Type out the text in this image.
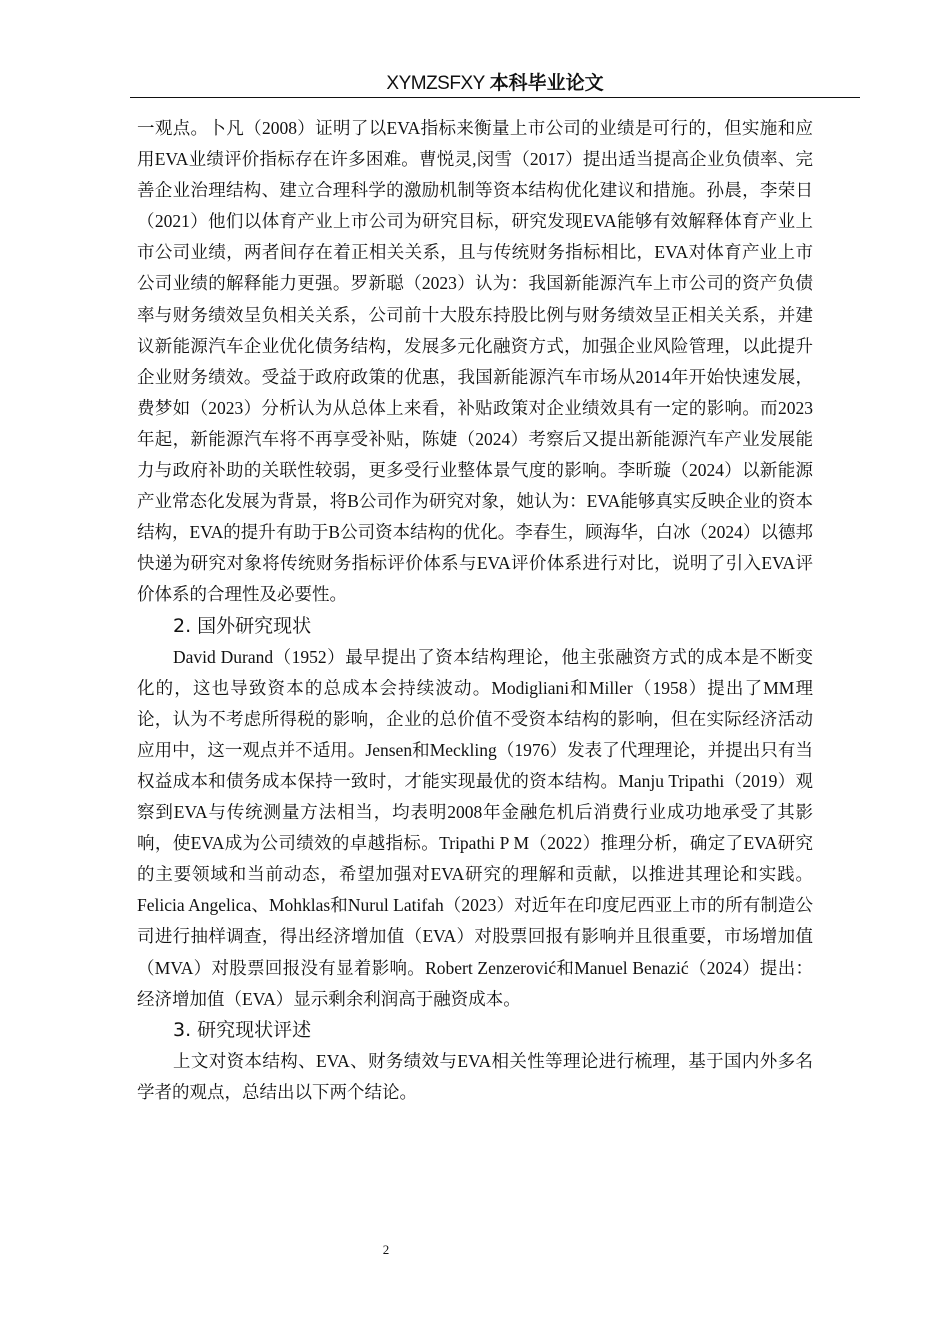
XYMZSFXY 本科毕业论文

一观点。卜凡（2008）证明了以EVA指标来衡量上市公司的业绩是可行的，但实施和应用EVA业绩评价指标存在许多困难。曹悦灵,闵雪（2017）提出适当提高企业负债率、完善企业治理结构、建立合理科学的激励机制等资本结构优化建议和措施。孙晨，李荣日（2021）他们以体育产业上市公司为研究目标，研究发现EVA能够有效解释体育产业上市公司业绩，两者间存在着正相关关系，且与传统财务指标相比，EVA对体育产业上市公司业绩的解释能力更强。罗新聪（2023）认为：我国新能源汽车上市公司的资产负债率与财务绩效呈负相关关系，公司前十大股东持股比例与财务绩效呈正相关关系，并建议新能源汽车企业优化债务结构，发展多元化融资方式，加强企业风险管理，以此提升企业财务绩效。受益于政府政策的优惠，我国新能源汽车市场从2014年开始快速发展，费梦如（2023）分析认为从总体上来看，补贴政策对企业绩效具有一定的影响。而2023年起，新能源汽车将不再享受补贴，陈婕（2024）考察后又提出新能源汽车产业发展能力与政府补助的关联性较弱，更多受行业整体景气度的影响。李昕璇（2024）以新能源产业常态化发展为背景，将B公司作为研究对象，她认为：EVA能够真实反映企业的资本结构，EVA的提升有助于B公司资本结构的优化。李春生，顾海华，白冰（2024）以德邦快递为研究对象将传统财务指标评价体系与EVA评价体系进行对比，说明了引入EVA评价体系的合理性及必要性。

2. 国外研究现状

David Durand（1952）最早提出了资本结构理论，他主张融资方式的成本是不断变化的，这也导致资本的总成本会持续波动。Modigliani和Miller（1958）提出了MM理论，认为不考虑所得税的影响，企业的总价值不受资本结构的影响，但在实际经济活动应用中，这一观点并不适用。Jensen和Meckling（1976）发表了代理理论，并提出只有当权益成本和债务成本保持一致时，才能实现最优的资本结构。Manju Tripathi（2019）观察到EVA与传统测量方法相当，均表明2008年金融危机后消费行业成功地承受了其影响，使EVA成为公司绩效的卓越指标。Tripathi P M（2022）推理分析，确定了EVA研究的主要领域和当前动态，希望加强对EVA研究的理解和贡献，以推进其理论和实践。Felicia Angelica、Mohklas和Nurul Latifah（2023）对近年在印度尼西亚上市的所有制造公司进行抽样调查，得出经济增加值（EVA）对股票回报有影响并且很重要，市场增加值（MVA）对股票回报没有显着影响。Robert Zenzerović和Manuel Benazić（2024）提出：经济增加值（EVA）显示剩余利润高于融资成本。

3. 研究现状评述

上文对资本结构、EVA、财务绩效与EVA相关性等理论进行梳理，基于国内外多名学者的观点，总结出以下两个结论。

2
